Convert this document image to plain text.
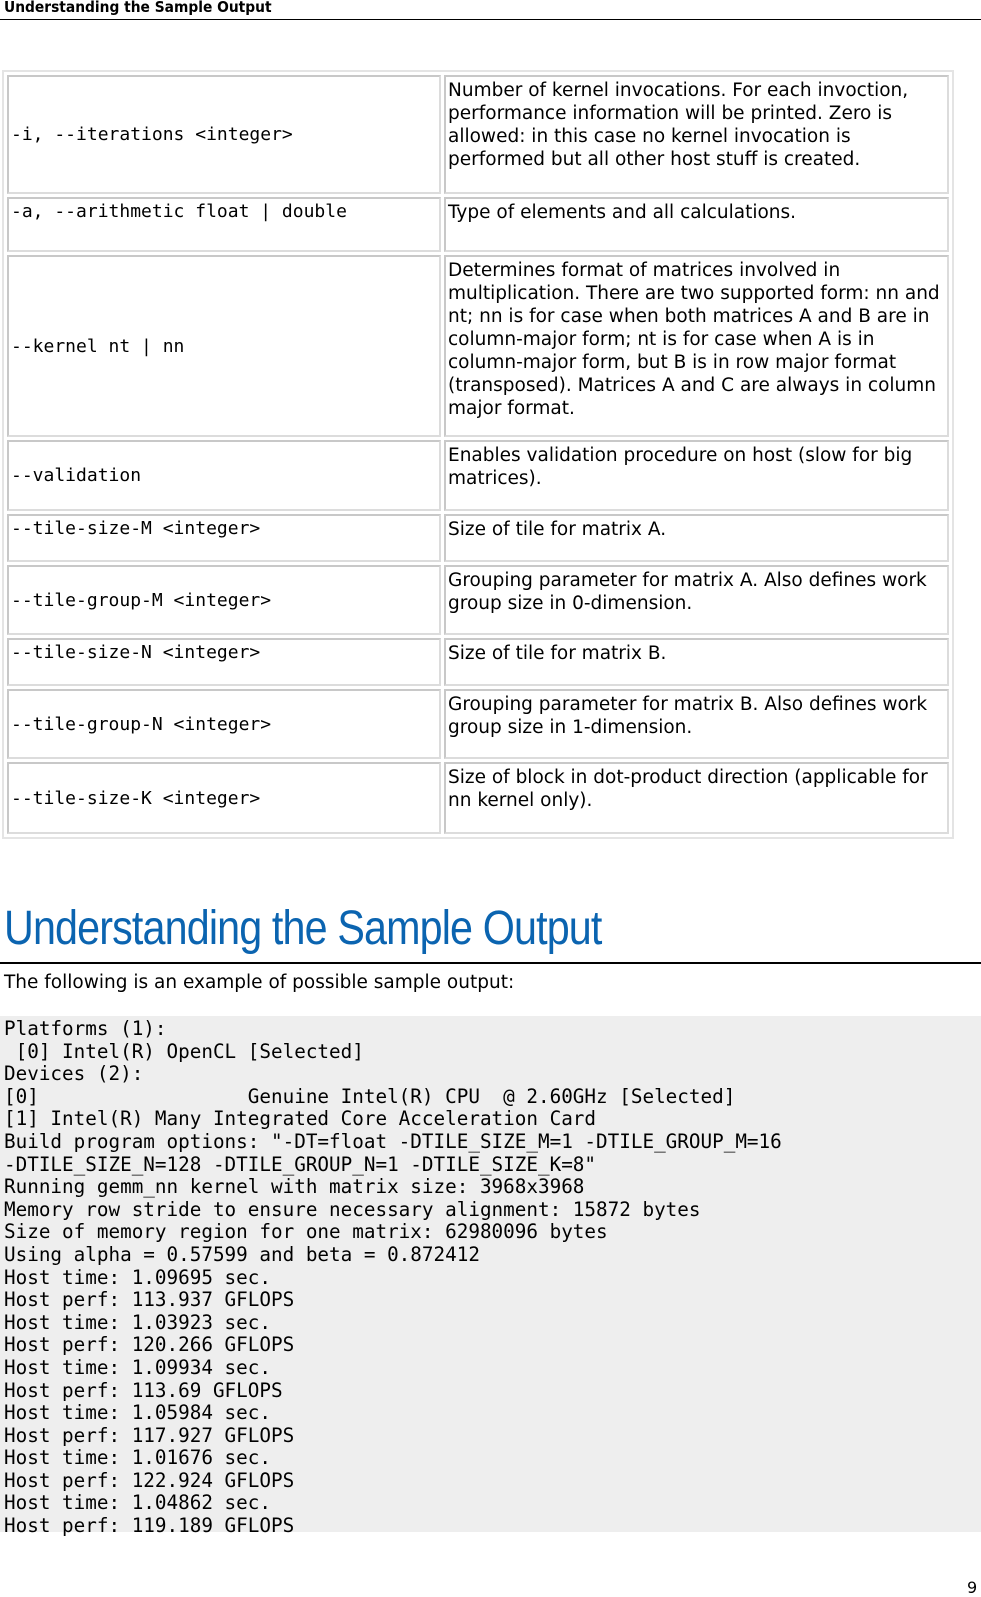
Understanding the Sample Output
-i, --iterations <integer>	Number of kernel invocations. For each invoction, performance information will be printed. Zero is allowed: in this case no kernel invocation is performed but all other host stuff is created.
-a, --arithmetic float | double	Type of elements and all calculations.
--kernel nt | nn	Determines format of matrices involved in multiplication. There are two supported form: nn and nt; nn is for case when both matrices A and B are in column-major form; nt is for case when A is in column-major form, but B is in row major format (transposed). Matrices A and C are always in column major format.
--validation	Enables validation procedure on host (slow for big matrices).
--tile-size-M <integer>	Size of tile for matrix A.
--tile-group-M <integer>	Grouping parameter for matrix A. Also defines work group size in 0-dimension.
--tile-size-N <integer>	Size of tile for matrix B.
--tile-group-N <integer>	Grouping parameter for matrix B. Also defines work group size in 1-dimension.
--tile-size-K <integer>	Size of block in dot-product direction (applicable for nn kernel only).
Understanding the Sample Output
The following is an example of possible sample output:
Platforms (1):
[0] Intel(R) OpenCL [Selected]
Devices (2):
[0]                  Genuine Intel(R) CPU  @ 2.60GHz [Selected]
[1] Intel(R) Many Integrated Core Acceleration Card
Build program options: "-DT=float -DTILE_SIZE_M=1 -DTILE_GROUP_M=16
-DTILE_SIZE_N=128 -DTILE_GROUP_N=1 -DTILE_SIZE_K=8"
Running gemm_nn kernel with matrix size: 3968x3968
Memory row stride to ensure necessary alignment: 15872 bytes
Size of memory region for one matrix: 62980096 bytes
Using alpha = 0.57599 and beta = 0.872412
Host time: 1.09695 sec.
Host perf: 113.937 GFLOPS
Host time: 1.03923 sec.
Host perf: 120.266 GFLOPS
Host time: 1.09934 sec.
Host perf: 113.69 GFLOPS
Host time: 1.05984 sec.
Host perf: 117.927 GFLOPS
Host time: 1.01676 sec.
Host perf: 122.924 GFLOPS
Host time: 1.04862 sec.
Host perf: 119.189 GFLOPS
9
